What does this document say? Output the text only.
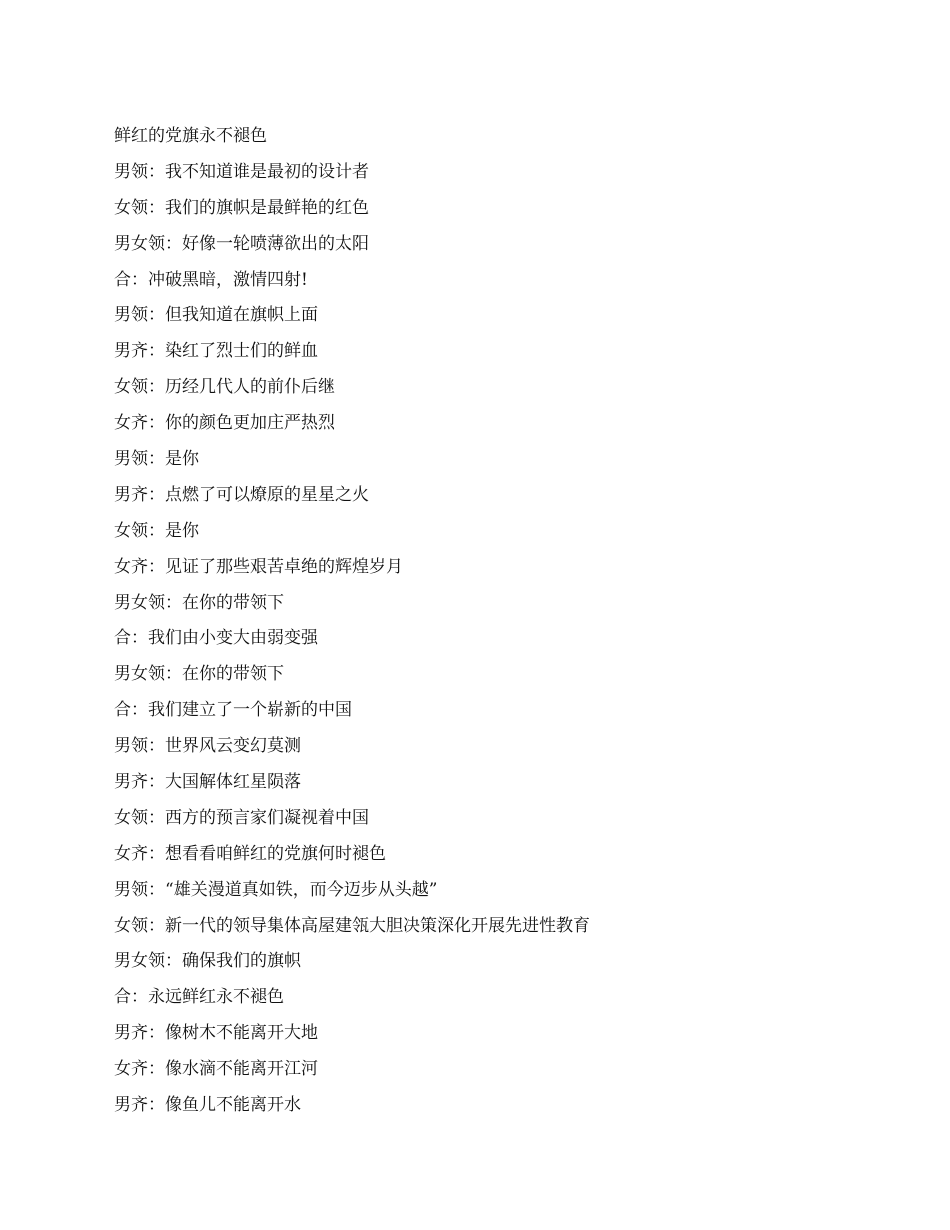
鲜红的党旗永不褪色
男领：我不知道谁是最初的设计者
女领：我们的旗帜是最鲜艳的红色
男女领：好像一轮喷薄欲出的太阳
合：冲破黑暗，激情四射!
男领：但我知道在旗帜上面
男齐：染红了烈士们的鲜血
女领：历经几代人的前仆后继
女齐：你的颜色更加庄严热烈
男领：是你
男齐：点燃了可以燎原的星星之火
女领：是你
女齐：见证了那些艰苦卓绝的辉煌岁月
男女领：在你的带领下
合：我们由小变大由弱变强
男女领：在你的带领下
合：我们建立了一个崭新的中国
男领：世界风云变幻莫测
男齐：大国解体红星陨落
女领：西方的预言家们凝视着中国
女齐：想看看咱鲜红的党旗何时褪色
男领：“雄关漫道真如铁，而今迈步从头越”
女领：新一代的领导集体高屋建瓴大胆决策深化开展先进性教育
男女领：确保我们的旗帜
合：永远鲜红永不褪色
男齐：像树木不能离开大地
女齐：像水滴不能离开江河
男齐：像鱼儿不能离开水
